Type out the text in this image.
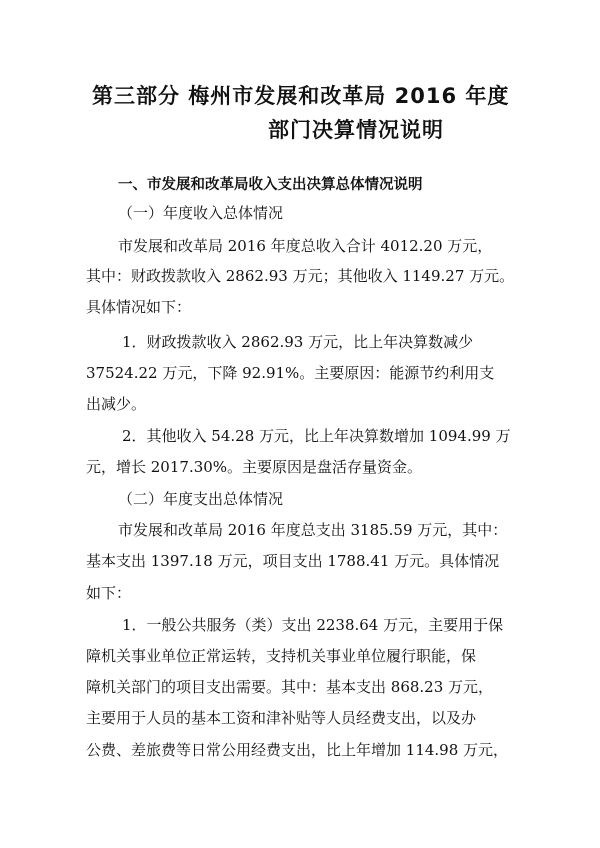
第三部分 梅州市发展和改革局 2016 年度
部门决算情况说明
一、市发展和改革局收入支出决算总体情况说明
（一）年度收入总体情况
市发展和改革局 2016 年度总收入合计 4012.20 万元，
其中：财政拨款收入 2862.93 万元；其他收入 1149.27 万元。
具体情况如下：
1．财政拨款收入 2862.93 万元，比上年决算数减少
37524.22 万元，下降 92.91%。主要原因：能源节约利用支
出减少。
2．其他收入 54.28 万元，比上年决算数增加 1094.99 万
元，增长 2017.30%。主要原因是盘活存量资金。
（二）年度支出总体情况
市发展和改革局 2016 年度总支出 3185.59 万元，其中：
基本支出 1397.18 万元，项目支出 1788.41 万元。具体情况
如下：
1．一般公共服务（类）支出 2238.64 万元，主要用于保
障机关事业单位正常运转，支持机关事业单位履行职能，保
障机关部门的项目支出需要。其中：基本支出 868.23 万元，
主要用于人员的基本工资和津补贴等人员经费支出，以及办
公费、差旅费等日常公用经费支出，比上年增加 114.98 万元，
